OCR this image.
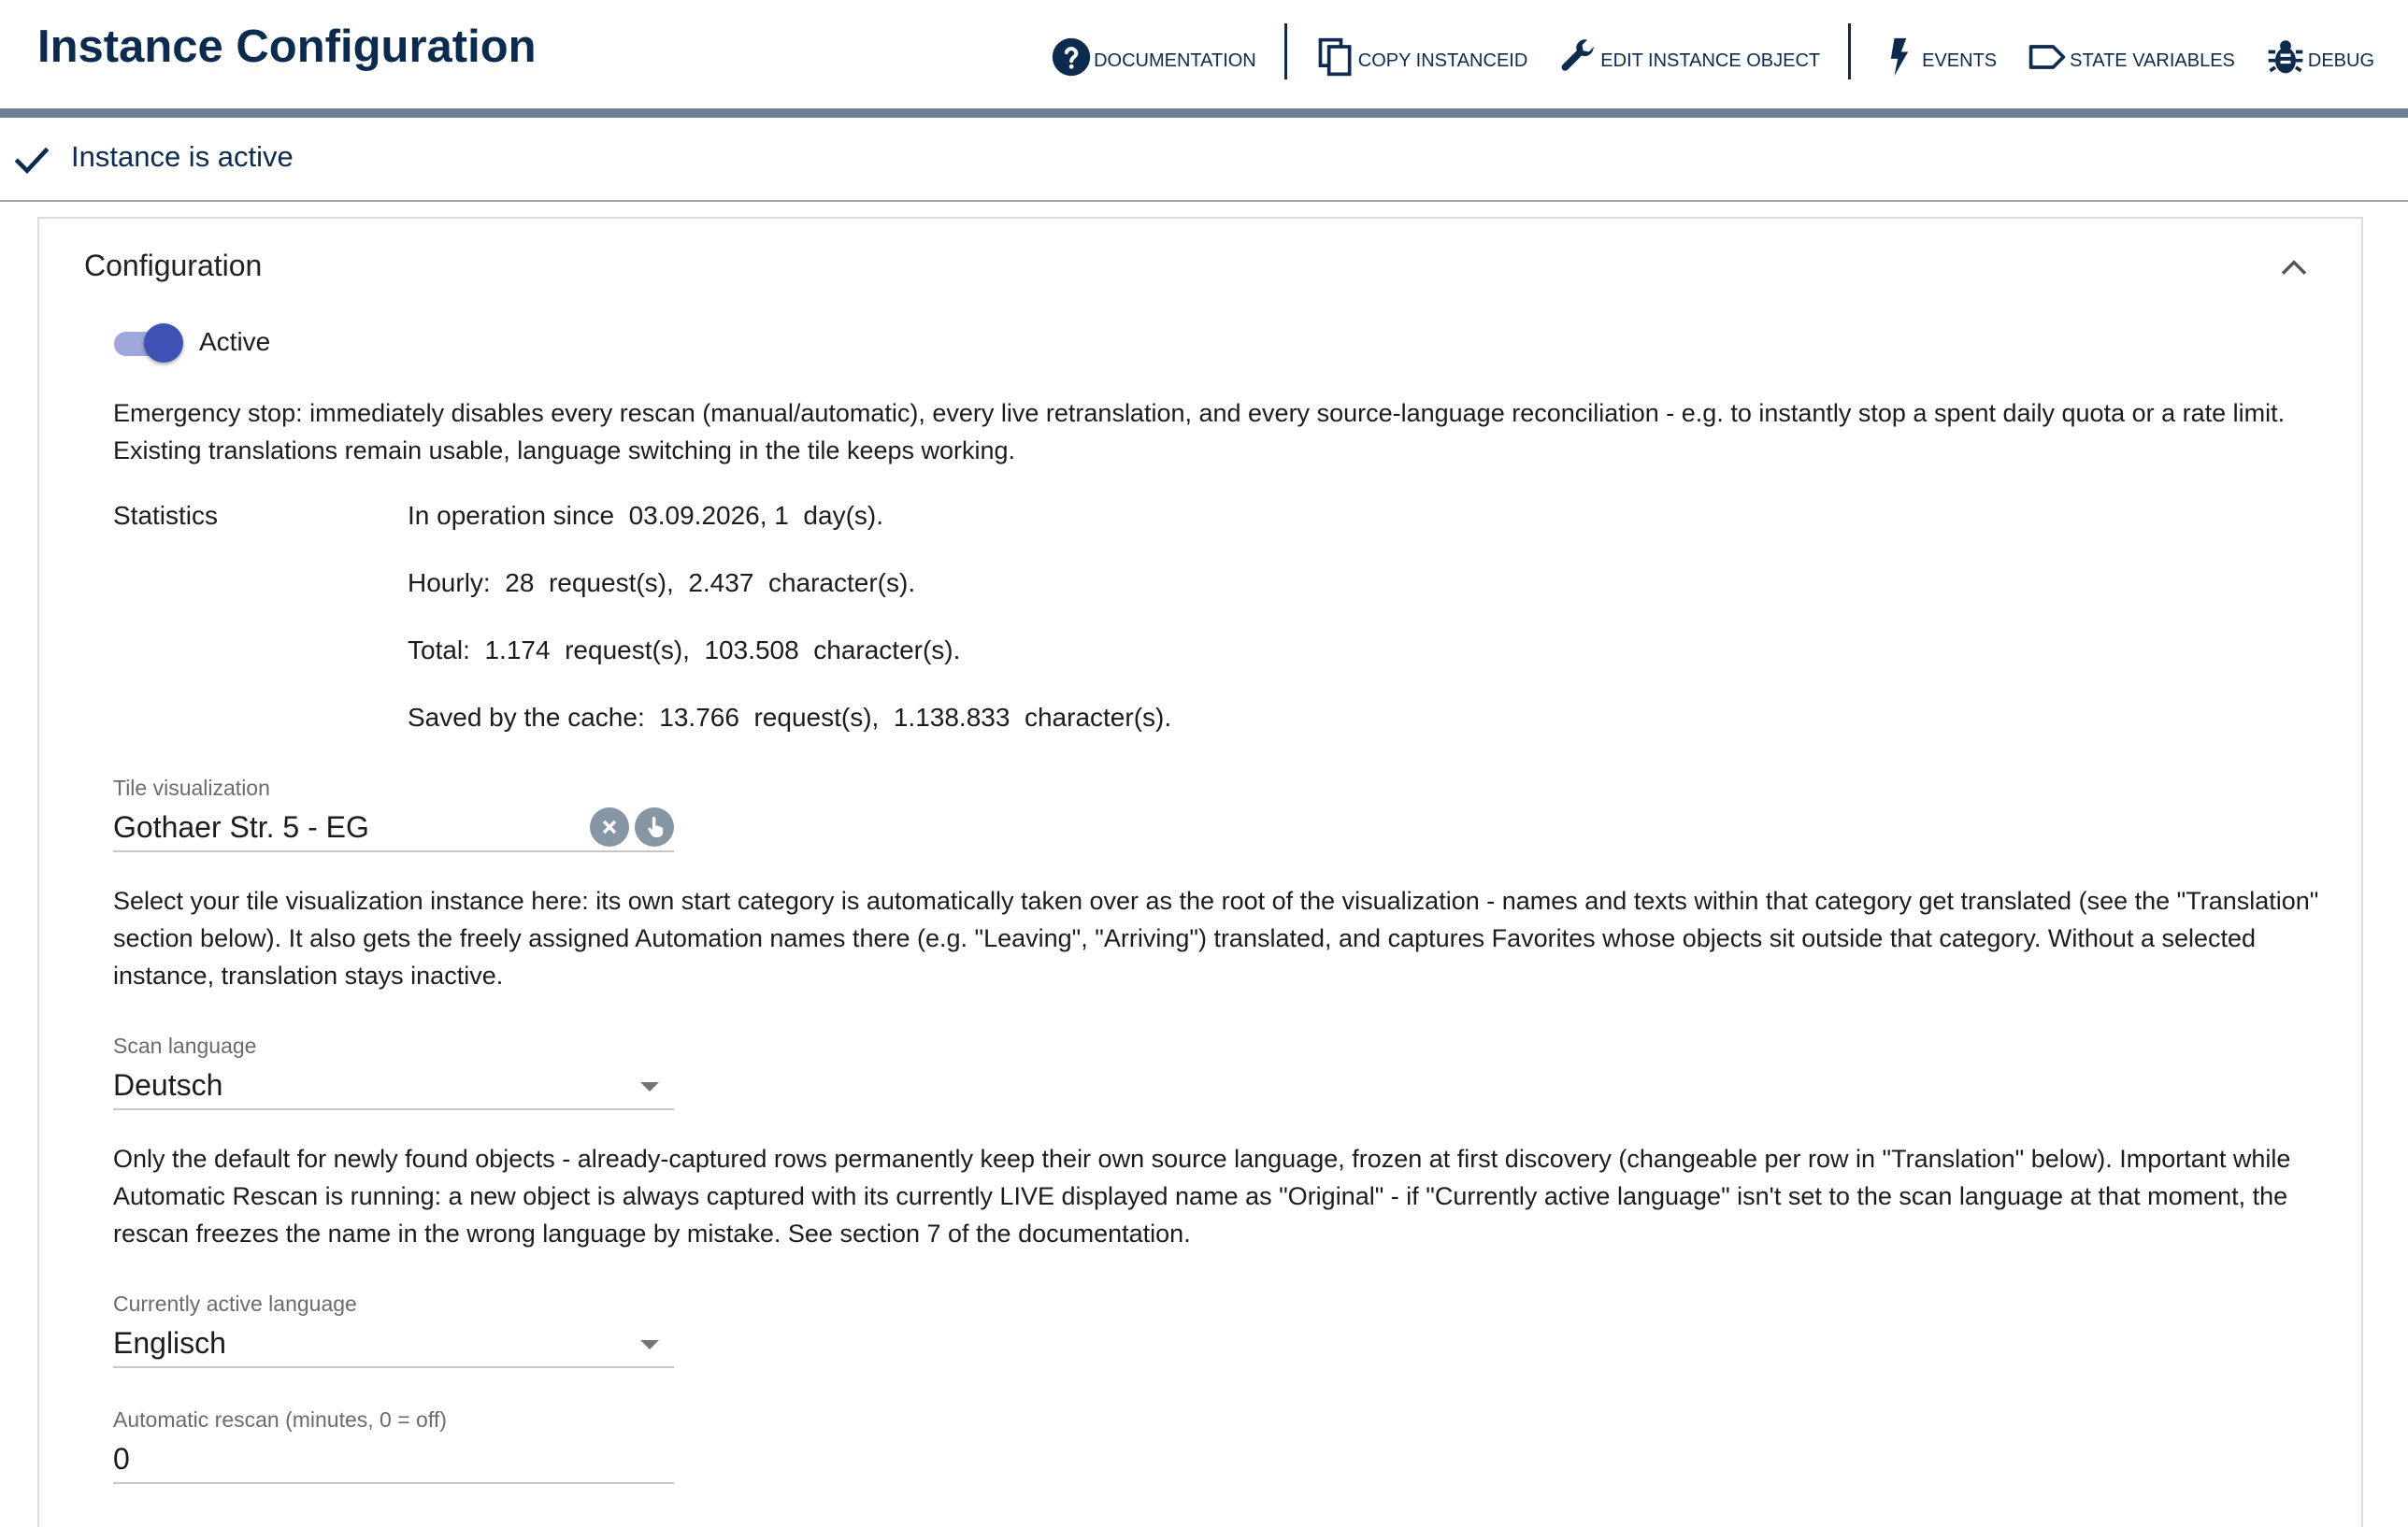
Instance Configuration	DOCUMENTATION	COPY INSTANCEID	EDIT INSTANCE OBJECT	EVENTS	STATE VARIABLES	DEBUG
Instance is active
Configuration
Active
Emergency stop: immediately disables every rescan (manual/automatic), every live retranslation, and every source-language reconciliation - e.g. to instantly stop a spent daily quota or a rate limit. Existing translations remain usable, language switching in the tile keeps working.
Statistics	In operation since  03.09.2026, 1  day(s).
Hourly:  28  request(s),  2.437  character(s).
Total:  1.174  request(s),  103.508  character(s).
Saved by the cache:  13.766  request(s),  1.138.833  character(s).
Tile visualization
Gothaer Str. 5 - EG
Select your tile visualization instance here: its own start category is automatically taken over as the root of the visualization - names and texts within that category get translated (see the "Translation" section below). It also gets the freely assigned Automation names there (e.g. "Leaving", "Arriving") translated, and captures Favorites whose objects sit outside that category. Without a selected instance, translation stays inactive.
Scan language
Deutsch
Only the default for newly found objects - already-captured rows permanently keep their own source language, frozen at first discovery (changeable per row in "Translation" below). Important while Automatic Rescan is running: a new object is always captured with its currently LIVE displayed name as "Original" - if "Currently active language" isn't set to the scan language at that moment, the rescan freezes the name in the wrong language by mistake. See section 7 of the documentation.
Currently active language
Englisch
Automatic rescan (minutes, 0 = off)
0
